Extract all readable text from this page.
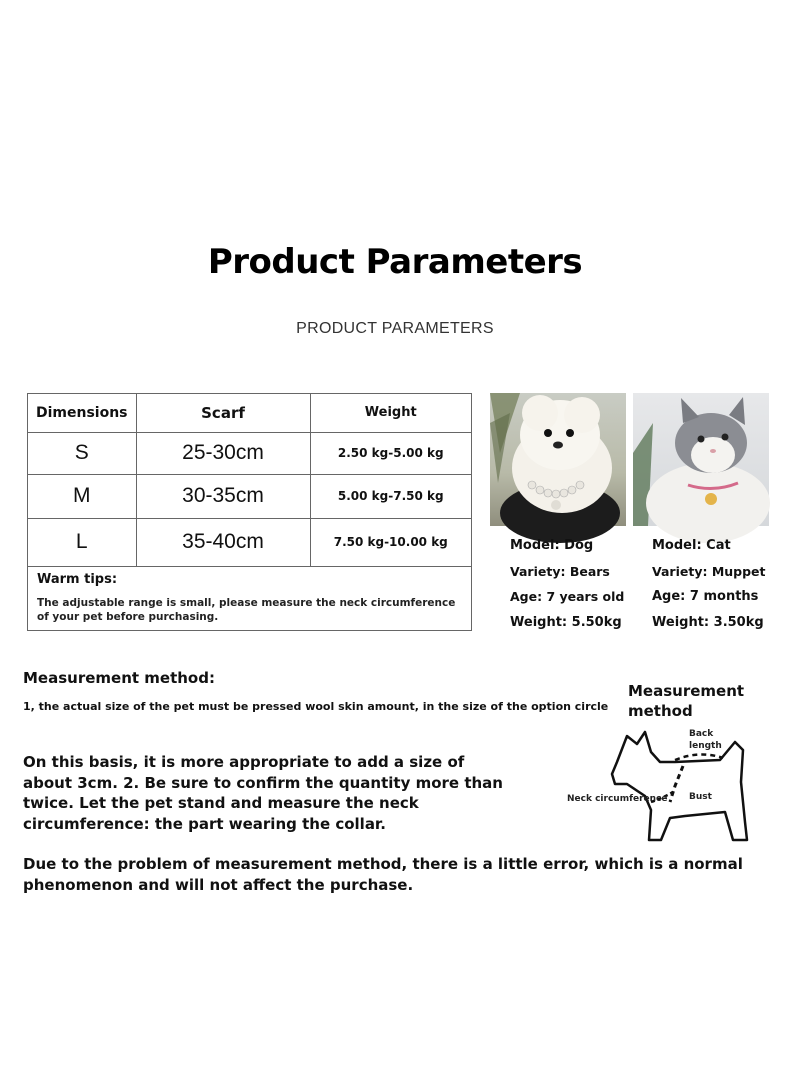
Product Parameters
PRODUCT PARAMETERS
Dimensions	Scarf	Weight
S	25-30cm	2.50 kg-5.00 kg
M	30-35cm	5.00 kg-7.50 kg
L	35-40cm	7.50 kg-10.00 kg
Warm tips:
The adjustable range is small, please measure the neck circumference of your pet before purchasing.
Model: Dog
Variety: Bears
Age: 7 years old
Weight: 5.50kg
Model: Cat
Variety: Muppet
Age: 7 months
Weight: 3.50kg
Measurement method:
1, the actual size of the pet must be pressed wool skin amount, in the size of the option circle
On this basis, it is more appropriate to add a size of about 3cm. 2. Be sure to confirm the quantity more than twice. Let the pet stand and measure the neck circumference: the part wearing the collar.
Due to the problem of measurement method, there is a little error, which is a normal phenomenon and will not affect the purchase.
Measurement method
Back length
Neck circumference Bust
